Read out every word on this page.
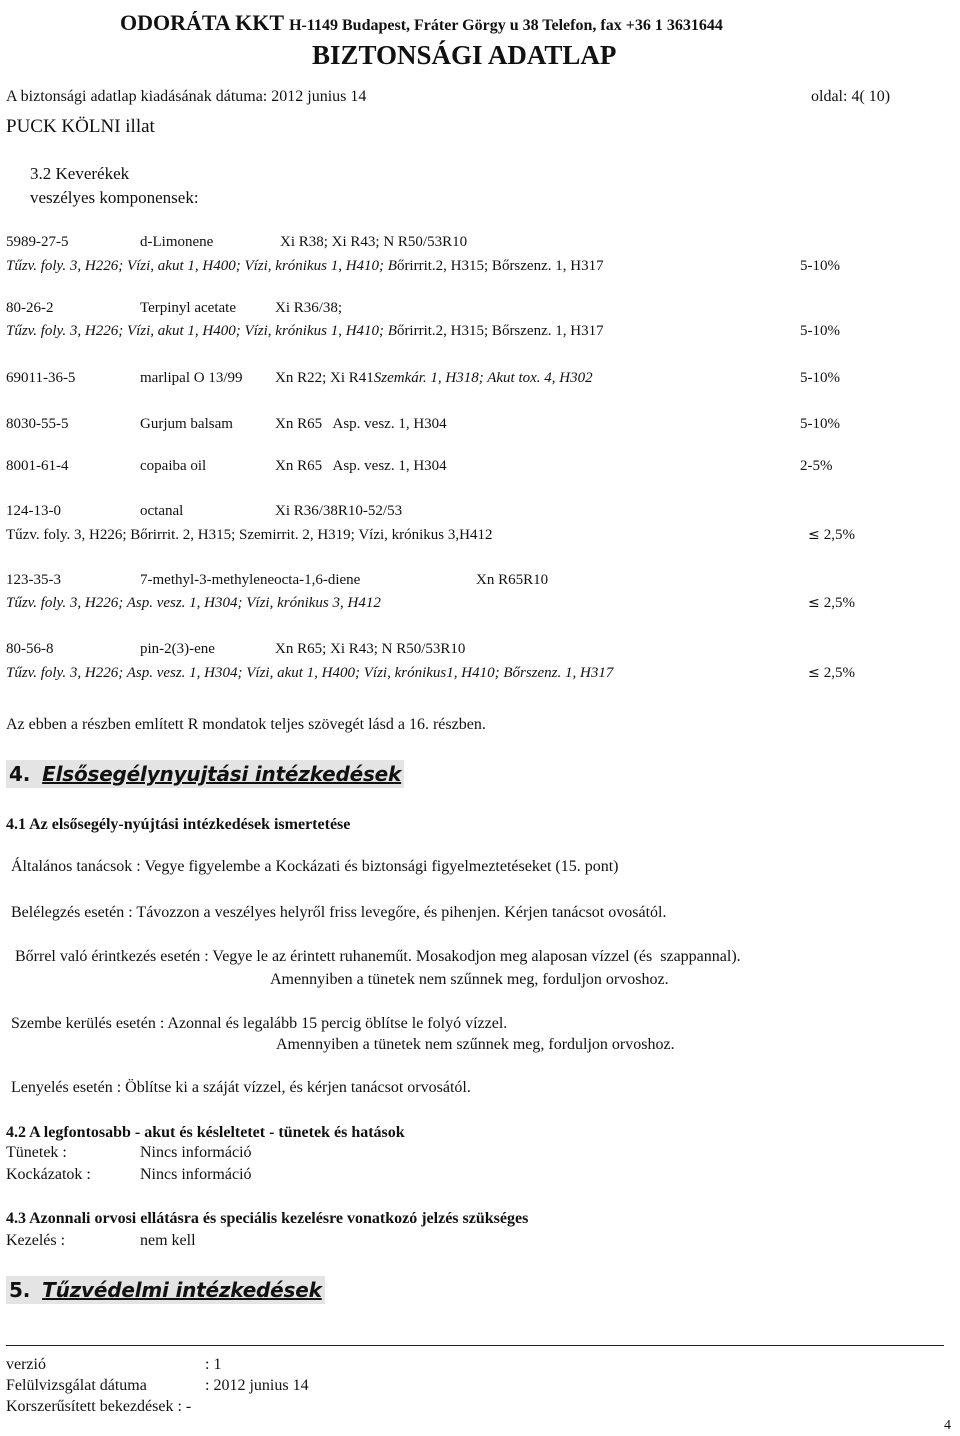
ODORÁTA KKT H-1149 Budapest, Fráter Görgy u 38 Telefon, fax +36 1 3631644
BIZTONSÁGI ADATLAP
A biztonsági adatlap kiadásának dátuma: 2012 junius 14	oldal: 4( 10)
PUCK KÖLNI illat
3.2 Keverékek
veszélyes komponensek:
5989-27-5	d-Limonene	Xi R38; Xi R43; N R50/53R10
Tűzv. foly. 3, H226; Vízi, akut 1, H400; Vízi, krónikus 1, H410; Bőrirrit.2, H315; Bőrszenz. 1, H317	5-10%
80-26-2	Terpinyl acetate	Xi R36/38;
Tűzv. foly. 3, H226; Vízi, akut 1, H400; Vízi, krónikus 1, H410; Bőrirrit.2, H315; Bőrszenz. 1, H317	5-10%
69011-36-5	marlipal O 13/99 Xn R22; Xi R41Szemkár. 1, H318; Akut tox. 4, H302	5-10%
8030-55-5	Gurjum balsam	Xn R65   Asp. vesz. 1, H304	5-10%
8001-61-4	copaiba oil	Xn R65   Asp. vesz. 1, H304	2-5%
124-13-0	octanal	Xi R36/38R10-52/53
Tűzv. foly. 3, H226; Bőrirrit. 2, H315; Szemirrit. 2, H319; Vízi, krónikus 3,H412	≤ 2,5%
123-35-3	7-methyl-3-methyleneocta-1,6-diene	Xn R65R10
Tűzv. foly. 3, H226; Asp. vesz. 1, H304; Vízi, krónikus 3, H412	≤ 2,5%
80-56-8	pin-2(3)-ene	Xn R65; Xi R43; N R50/53R10
Tűzv. foly. 3, H226; Asp. vesz. 1, H304; Vízi, akut 1, H400; Vízi, krónikus1, H410; Bőrszenz. 1, H317	≤ 2,5%
Az ebben a részben említett R mondatok teljes szövegét lásd a 16. részben.
4. Elsősegélynyujtási intézkedések
4.1 Az elsősegély-nyújtási intézkedések ismertetése
Általános tanácsok : Vegye figyelembe a Kockázati és biztonsági figyelmeztetéseket (15. pont)
Belélegzés esetén : Távozzon a veszélyes helyről friss levegőre, és pihenjen. Kérjen tanácsot ovosától.
Bőrrel való érintkezés esetén : Vegye le az érintett ruhaneműt. Mosakodjon meg alaposan vízzel (és  szappannal).
Amennyiben a tünetek nem szűnnek meg, forduljon orvoshoz.
Szembe kerülés esetén : Azonnal és legalább 15 percig öblítse le folyó vízzel.
Amennyiben a tünetek nem szűnnek meg, forduljon orvoshoz.
Lenyelés esetén : Öblítse ki a száját vízzel, és kérjen tanácsot orvosától.
4.2 A legfontosabb - akut és késleltetet - tünetek és hatások
Tünetek :	Nincs információ
Kockázatok :	Nincs információ
4.3 Azonnali orvosi ellátásra és speciális kezelésre vonatkozó jelzés szükséges
Kezelés :	nem kell
5. Tűzvédelmi intézkedések
verzió	: 1
Felülvizsgálat dátuma	: 2012 junius 14
Korszerűsített bekezdések : -
4
